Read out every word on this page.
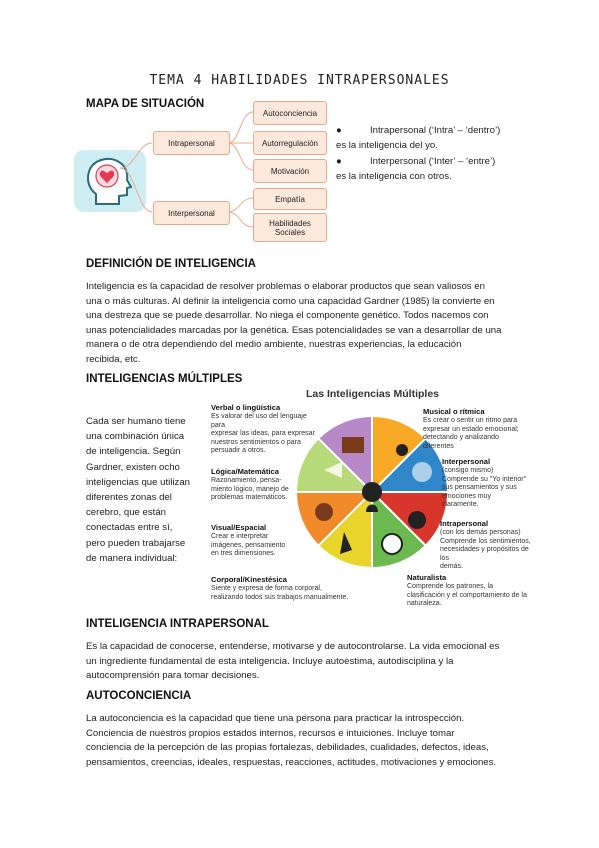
TEMA 4 HABILIDADES INTRAPERSONALES
MAPA DE SITUACIÓN
Intrapersonal
Interpersonal
Autoconciencia
Autorregulación
Motivación
Empatía
Habilidades
Sociales
●	Intrapersonal (‘Intra’ – ‘dentro’)
es la inteligencia del yo.
●	Interpersonal (‘Inter’ – ‘entre’)
es la inteligencia con otros.
DEFINICIÓN DE INTELIGENCIA
Inteligencia es la capacidad de resolver problemas o elaborar productos que sean valiosos en
una o más culturas. Al definir la inteligencia como una capacidad Gardner (1985) la convierte en
una destreza que se puede desarrollar. No niega el componente genético. Todos nacemos con
unas potencialidades marcadas por la genética. Esas potencialidades se van a desarrollar de una
manera o de otra dependiendo del medio ambiente, nuestras experiencias, la educación
recibida, etc.
INTELIGENCIAS MÚLTIPLES
Cada ser humano tiene
una combinación única
de inteligencia. Según
Gardner, existen ocho
inteligencias que utilizan
diferentes zonas del
cerebro, que están
conectadas entre sí,
pero pueden trabajarse
de manera individual:
Las Inteligencias Múltiples
Verbal o lingüística
Es valorar del uso del lenguaje para
expresar las ideas, para expresar
nuestros sentimientos o para
persuadir a otros.
Musical o rítmica
Es crear o sentir un ritmo para
expresar un estado emocional;
detectando y analizando
diferentes
Lógica/Matemática
Razonamiento, pensa-
miento lógico, manejo de
problemas matemáticos.
Interpersonal
(consigo mismo)
Comprende su "Yo interior"
sus pensamientos y sus
emociones muy
claramente.
Visual/Espacial
Crear e interpretar
imágenes, pensamiento
en tres dimensiones.
Intrapersonal
(con los demás personas)
Comprende los sentimientos,
necesidades y propósitos de los
demás.
Corporal/Kinestésica
Siente y expresa de forma corporal,
realizando todos sus trabajos manualmente.
Naturalista
Comprende los patrones, la
clasificación y el comportamiento de la
naturaleza.
INTELIGENCIA INTRAPERSONAL
Es la capacidad de conocerse, entenderse, motivarse y de autocontrolarse. La vida emocional es
un ingrediente fundamental de esta inteligencia. Incluye autoestima, autodisciplina y la
autocomprensión para tomar decisiones.
AUTOCONCIENCIA
La autoconciencia es la capacidad que tiene una persona para practicar la introspección.
Conciencia de nuestros propios estados internos, recursos e intuiciones. Incluye tomar
conciencia de la percepción de las propias fortalezas, debilidades, cualidades, defectos, ideas,
pensamientos, creencias, ideales, respuestas, reacciones, actitudes, motivaciones y emociones.
